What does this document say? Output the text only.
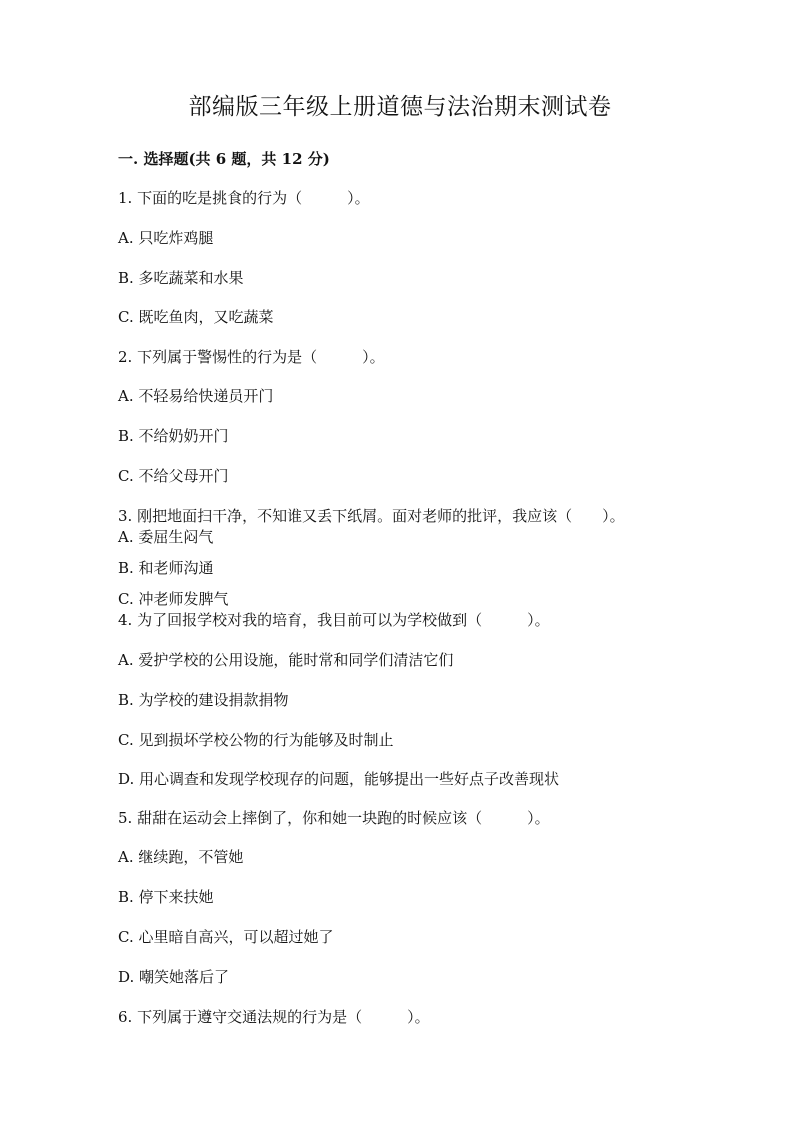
部编版三年级上册道德与法治期末测试卷
一. 选择题(共 6 题，共 12 分)
1. 下面的吃是挑食的行为（　　　）。
A. 只吃炸鸡腿
B. 多吃蔬菜和水果
C. 既吃鱼肉，又吃蔬菜
2. 下列属于警惕性的行为是（　　　）。
A. 不轻易给快递员开门
B. 不给奶奶开门
C. 不给父母开门
3. 刚把地面扫干净，不知谁又丢下纸屑。面对老师的批评，我应该（　　）。
A. 委屈生闷气
B. 和老师沟通
C. 冲老师发脾气
4. 为了回报学校对我的培育，我目前可以为学校做到（　　　）。
A. 爱护学校的公用设施，能时常和同学们清洁它们
B. 为学校的建设捐款捐物
C. 见到损坏学校公物的行为能够及时制止
D. 用心调查和发现学校现存的问题，能够提出一些好点子改善现状
5. 甜甜在运动会上摔倒了，你和她一块跑的时候应该（　　　）。
A. 继续跑，不管她
B. 停下来扶她
C. 心里暗自高兴，可以超过她了
D. 嘲笑她落后了
6. 下列属于遵守交通法规的行为是（　　　）。
